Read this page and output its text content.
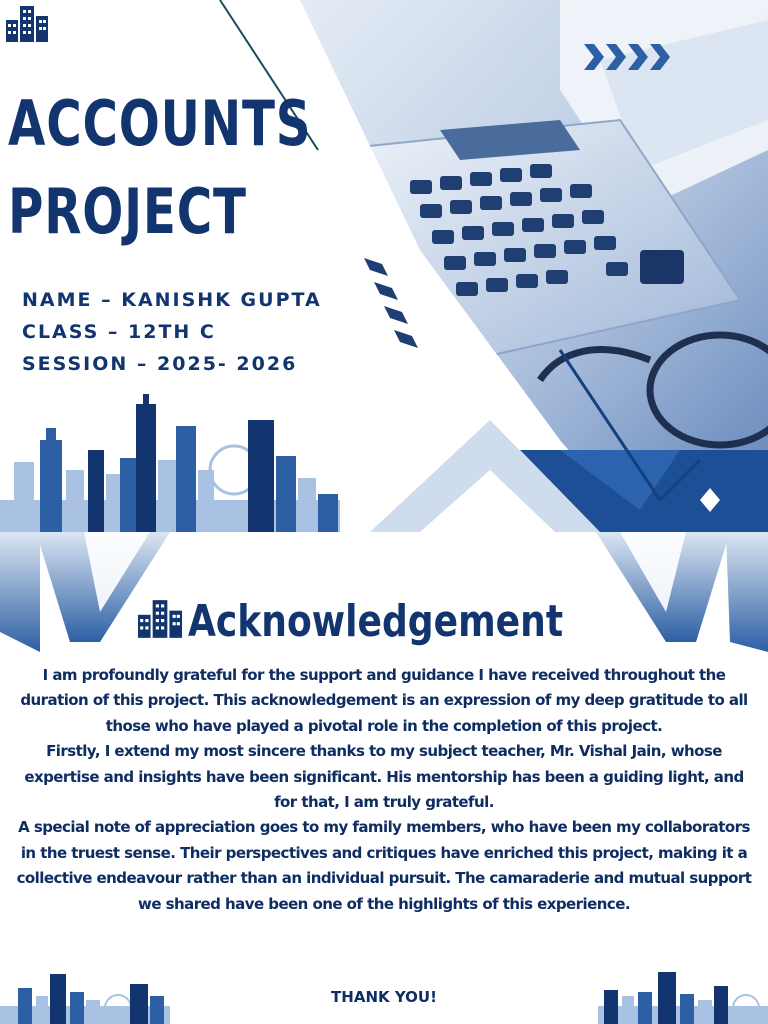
ACCOUNTS
PROJECT
NAME – KANISHK GUPTA
CLASS – 12TH C
SESSION – 2025- 2026
Acknowledgement

I am profoundly grateful for the support and guidance I have received throughout the duration of this project. This acknowledgement is an expression of my deep gratitude to all those who have played a pivotal role in the completion of this project.

Firstly, I extend my most sincere thanks to my subject teacher, Mr. Vishal Jain, whose expertise and insights have been significant. His mentorship has been a guiding light, and for that, I am truly grateful.

A special note of appreciation goes to my family members, who have been my collaborators in the truest sense. Their perspectives and critiques have enriched this project, making it a collective endeavour rather than an individual pursuit. The camaraderie and mutual support we shared have been one of the highlights of this experience.

THANK YOU!
